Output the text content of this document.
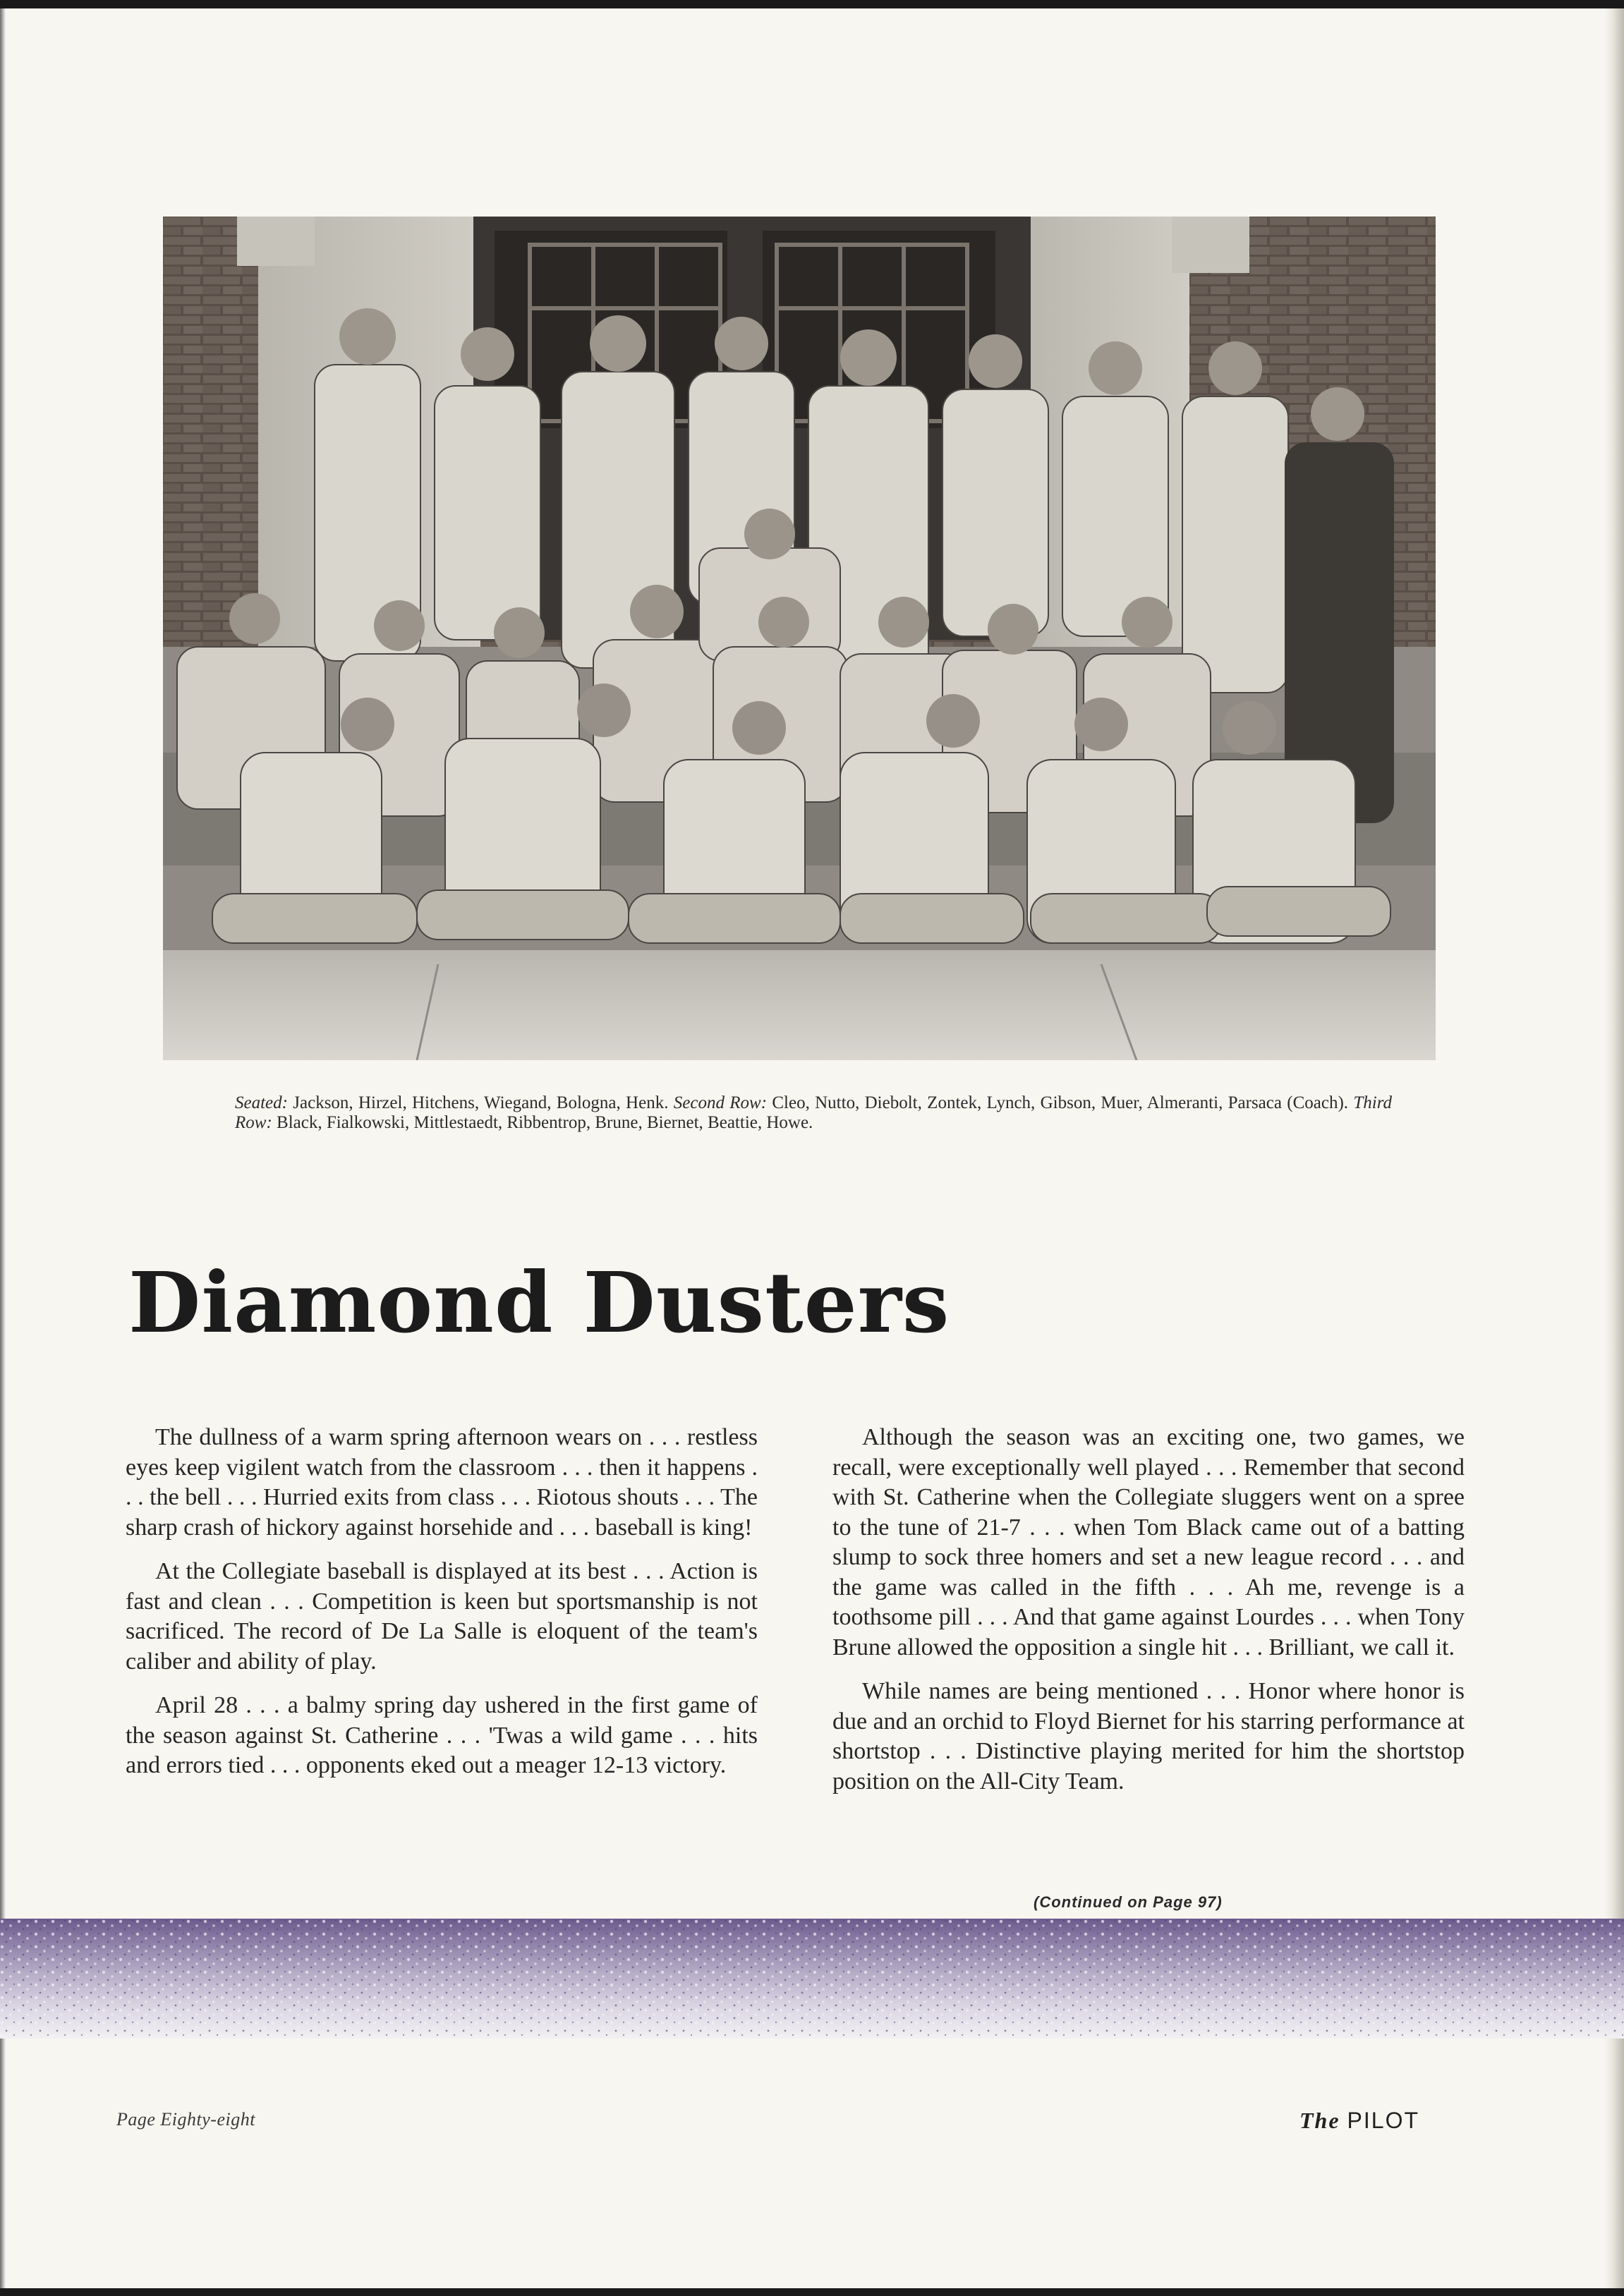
Seated: Jackson, Hirzel, Hitchens, Wiegand, Bologna, Henk. Second Row: Cleo, Nutto, Diebolt, Zontek, Lynch, Gibson, Muer, Almeranti, Parsaca (Coach). Third Row: Black, Fialkowski, Mittlestaedt, Ribbentrop, Brune, Biernet, Beattie, Howe.
Diamond Dusters

The dullness of a warm spring afternoon wears on . . . restless eyes keep vigilent watch from the classroom . . . then it happens . . . the bell . . . Hurried exits from class . . . Riotous shouts . . . The sharp crash of hickory against horsehide and . . . baseball is king!

At the Collegiate baseball is displayed at its best . . . Action is fast and clean . . . Competition is keen but sportsmanship is not sacrificed. The record of De La Salle is eloquent of the team's caliber and ability of play.

April 28 . . . a balmy spring day ushered in the first game of the season against St. Catherine . . . 'Twas a wild game . . . hits and errors tied . . . opponents eked out a meager 12-13 victory.

Although the season was an exciting one, two games, we recall, were exceptionally well played . . . Remember that second with St. Catherine when the Collegiate sluggers went on a spree to the tune of 21-7 . . . when Tom Black came out of a batting slump to sock three homers and set a new league record . . . and the game was called in the fifth . . . Ah me, revenge is a toothsome pill . . . And that game against Lourdes . . . when Tony Brune allowed the opposition a single hit . . . Brilliant, we call it.

While names are being mentioned . . . Honor where honor is due and an orchid to Floyd Biernet for his starring performance at shortstop . . . Distinctive playing merited for him the shortstop position on the All-City Team.

(Continued on Page 97)
Page Eighty-eight	The PILOT
